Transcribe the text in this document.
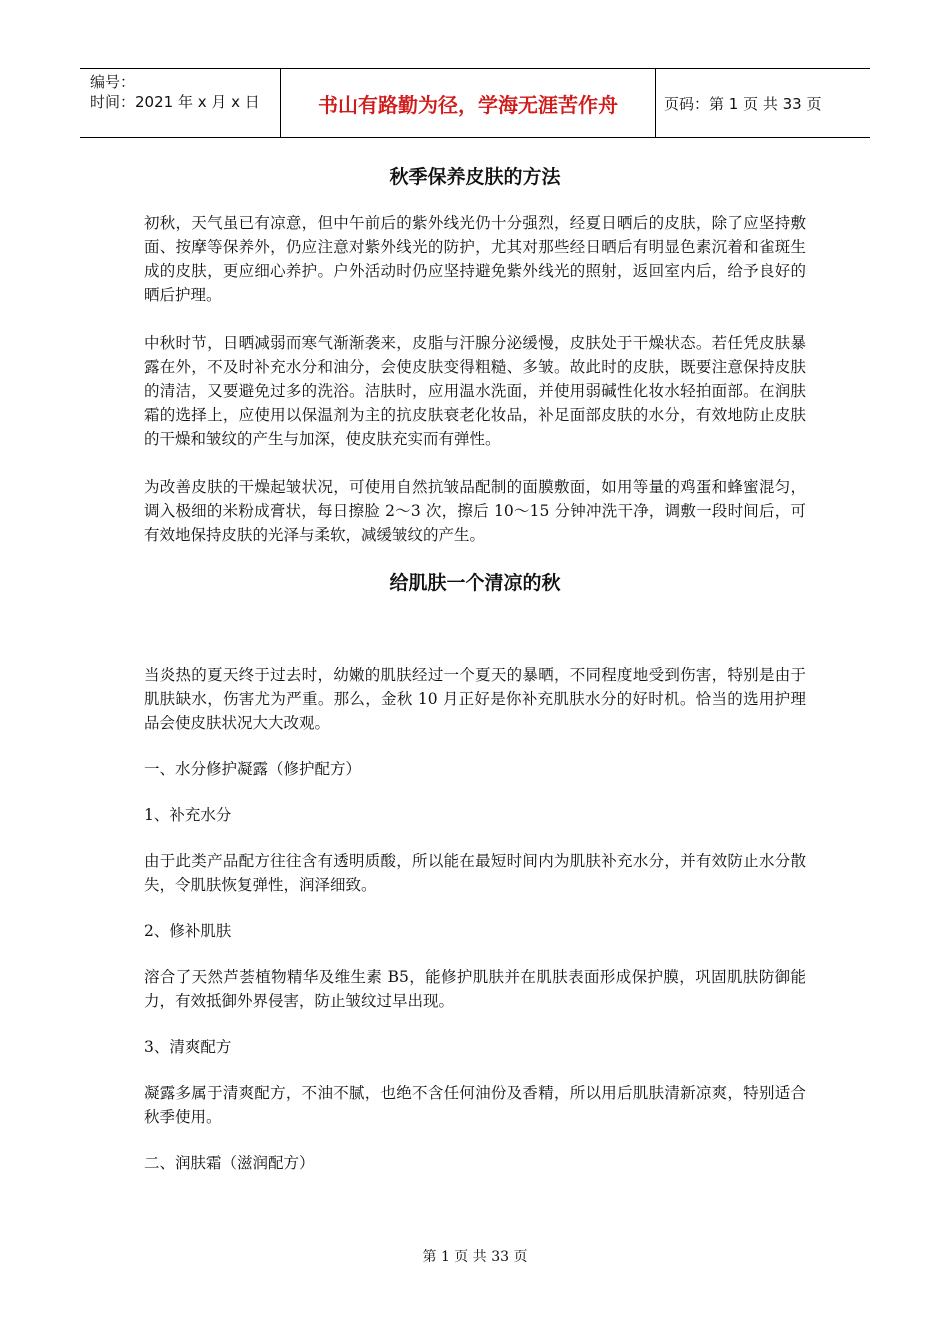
编号：
时间：2021 年 x 月 x 日	书山有路勤为径，学海无涯苦作舟	页码：第 1 页 共 33 页
秋季保养皮肤的方法

初秋，天气虽已有凉意，但中午前后的紫外线光仍十分强烈，经夏日晒后的皮肤，除了应坚持敷面、按摩等保养外，仍应注意对紫外线光的防护，尤其对那些经日晒后有明显色素沉着和雀斑生成的皮肤，更应细心养护。户外活动时仍应坚持避免紫外线光的照射，返回室内后，给予良好的晒后护理。

中秋时节，日晒减弱而寒气渐渐袭来，皮脂与汗腺分泌缓慢，皮肤处于干燥状态。若任凭皮肤暴露在外，不及时补充水分和油分，会使皮肤变得粗糙、多皱。故此时的皮肤，既要注意保持皮肤的清洁，又要避免过多的洗浴。洁肤时，应用温水洗面，并使用弱碱性化妆水轻拍面部。在润肤霜的选择上，应使用以保温剂为主的抗皮肤衰老化妆品，补足面部皮肤的水分，有效地防止皮肤的干燥和皱纹的产生与加深，使皮肤充实而有弹性。

为改善皮肤的干燥起皱状况，可使用自然抗皱品配制的面膜敷面，如用等量的鸡蛋和蜂蜜混匀，调入极细的米粉成膏状，每日擦脸 2～3 次，擦后 10～15 分钟冲洗干净，调敷一段时间后，可有效地保持皮肤的光泽与柔软，减缓皱纹的产生。

给肌肤一个清凉的秋

当炎热的夏天终于过去时，幼嫩的肌肤经过一个夏天的暴晒，不同程度地受到伤害，特别是由于肌肤缺水，伤害尤为严重。那么，金秋 10 月正好是你补充肌肤水分的好时机。恰当的选用护理品会使皮肤状况大大改观。

一、水分修护凝露（修护配方）

1、补充水分

由于此类产品配方往往含有透明质酸，所以能在最短时间内为肌肤补充水分，并有效防止水分散失，令肌肤恢复弹性，润泽细致。

2、修补肌肤

溶合了天然芦荟植物精华及维生素 B5，能修护肌肤并在肌肤表面形成保护膜，巩固肌肤防御能力，有效抵御外界侵害，防止皱纹过早出现。

3、清爽配方

凝露多属于清爽配方，不油不腻，也绝不含任何油份及香精，所以用后肌肤清新凉爽，特别适合秋季使用。

二、润肤霜（滋润配方）

第 1 页 共 33 页
